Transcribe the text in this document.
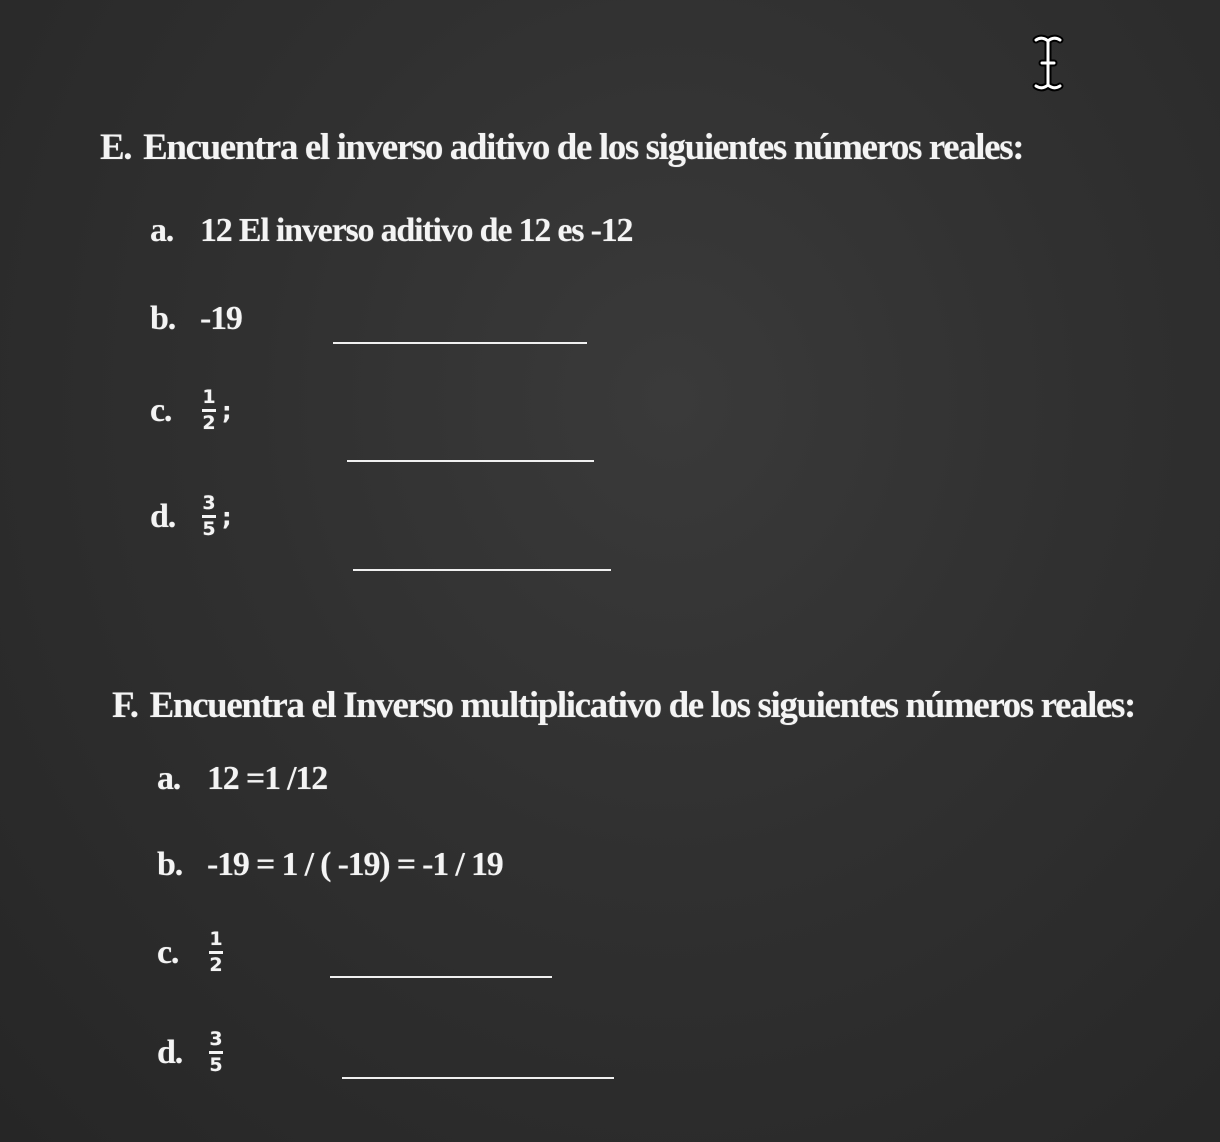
E. Encuentra el inverso aditivo de los siguientes números reales:
a. 12 El inverso aditivo de 12 es -12
b. -19
c.	$\frac{1}{2}$ ;
d.	$\frac{3}{5}$ ;
F. Encuentra el Inverso multiplicativo de los siguientes números reales:
a. 12 =1 /12
b. -19 = 1 / ( -19) = -1 / 19
c.	$\frac{1}{2}$
d.	$\frac{3}{5}$
